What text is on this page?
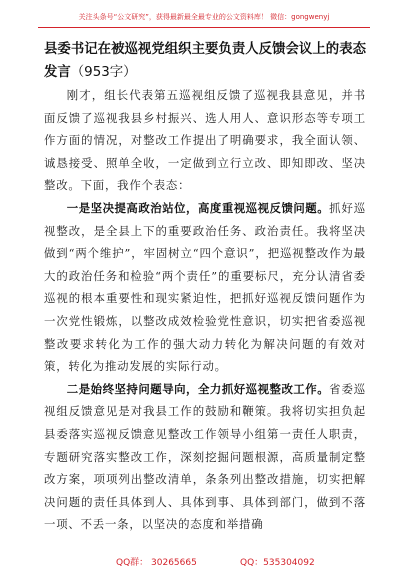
关注头条号“公文研究”，获得最新最全最专业的公文资料库！ 微信：gongwenyj
县委书记在被巡视党组织主要负责人反馈会议上的表态发言（953字）

刚才，组长代表第五巡视组反馈了巡视我县意见，并书面反馈了巡视我县乡村振兴、选人用人、意识形态等专项工作方面的情况，对整改工作提出了明确要求，我全面认领、诚恳接受、照单全收，一定做到立行立改、即知即改、坚决整改。下面，我作个表态：

一是坚决提高政治站位，高度重视巡视反馈问题。抓好巡视整改，是全县上下的重要政治任务、政治责任。我将坚决做到“两个维护”，牢固树立“四个意识”，把巡视整改作为最大的政治任务和检验“两个责任”的重要标尺，充分认清省委巡视的根本重要性和现实紧迫性，把抓好巡视反馈问题作为一次党性锻炼，以整改成效检验党性意识，切实把省委巡视整改要求转化为工作的强大动力转化为解决问题的有效对策，转化为推动发展的实际行动。

二是始终坚持问题导向，全力抓好巡视整改工作。省委巡视组反馈意见是对我县工作的鼓励和鞭策。我将切实担负起县委落实巡视反馈意见整改工作领导小组第一责任人职责，专题研究落实整改工作，深刻挖掘问题根源，高质量制定整改方案，项项列出整改清单，条条列出整改措施，切实把解决问题的责任具体到人、具体到事、具体到部门，做到不落一项、不丢一条，以坚决的态度和举措确

QQ群： 30265665	QQ：535304092
